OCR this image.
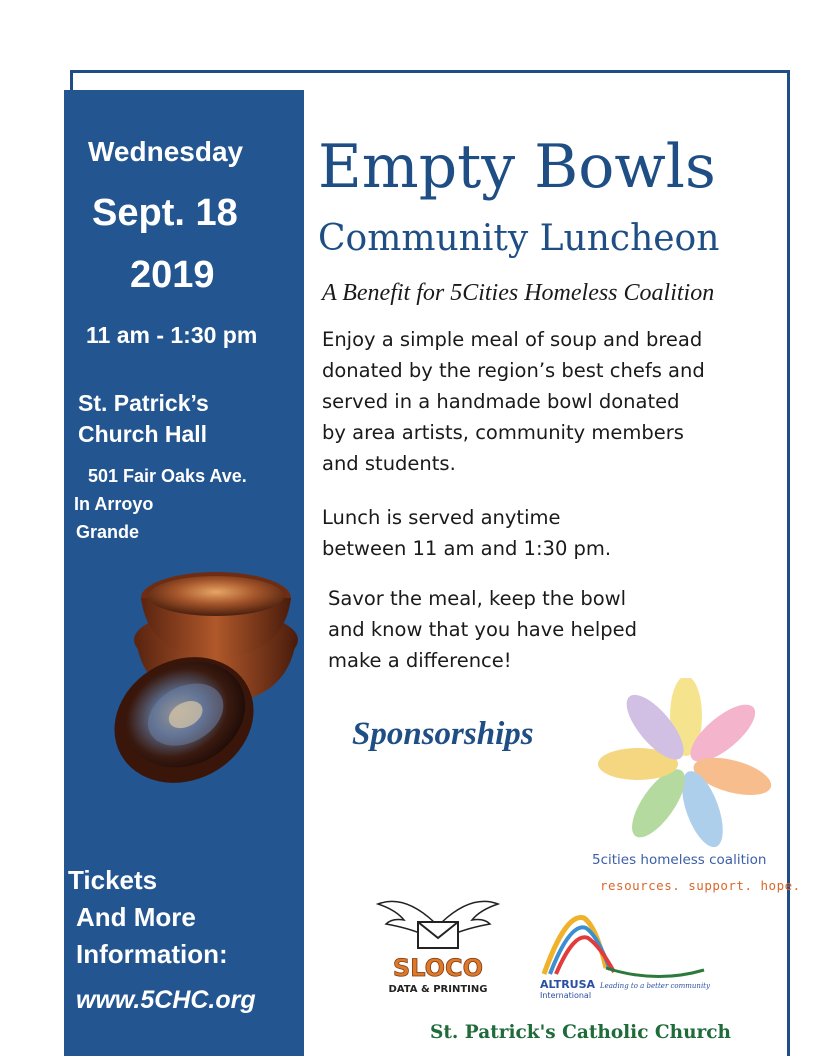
Wednesday
Sept. 18
2019
11 am - 1:30 pm
St. Patrick’s
Church Hall
501 Fair Oaks Ave.
In Arroyo
Grande
Tickets
And More
Information:
www.5CHC.org
Empty Bowls
Community Luncheon
A Benefit for 5Cities Homeless Coalition
Enjoy a simple meal of soup and bread
donated by the region’s best chefs and
served in a handmade bowl donated
by area artists, community members
and students.
Lunch is served anytime
between 11 am and 1:30 pm.
Savor the meal, keep the bowl
and know that you have helped
make a difference!
Sponsorships
5cities homeless coalition
resources. support. hope.
SLOCO
DATA & PRINTING	ALTRUSA
International
Leading to a better community
St. Patrick's Catholic Church
